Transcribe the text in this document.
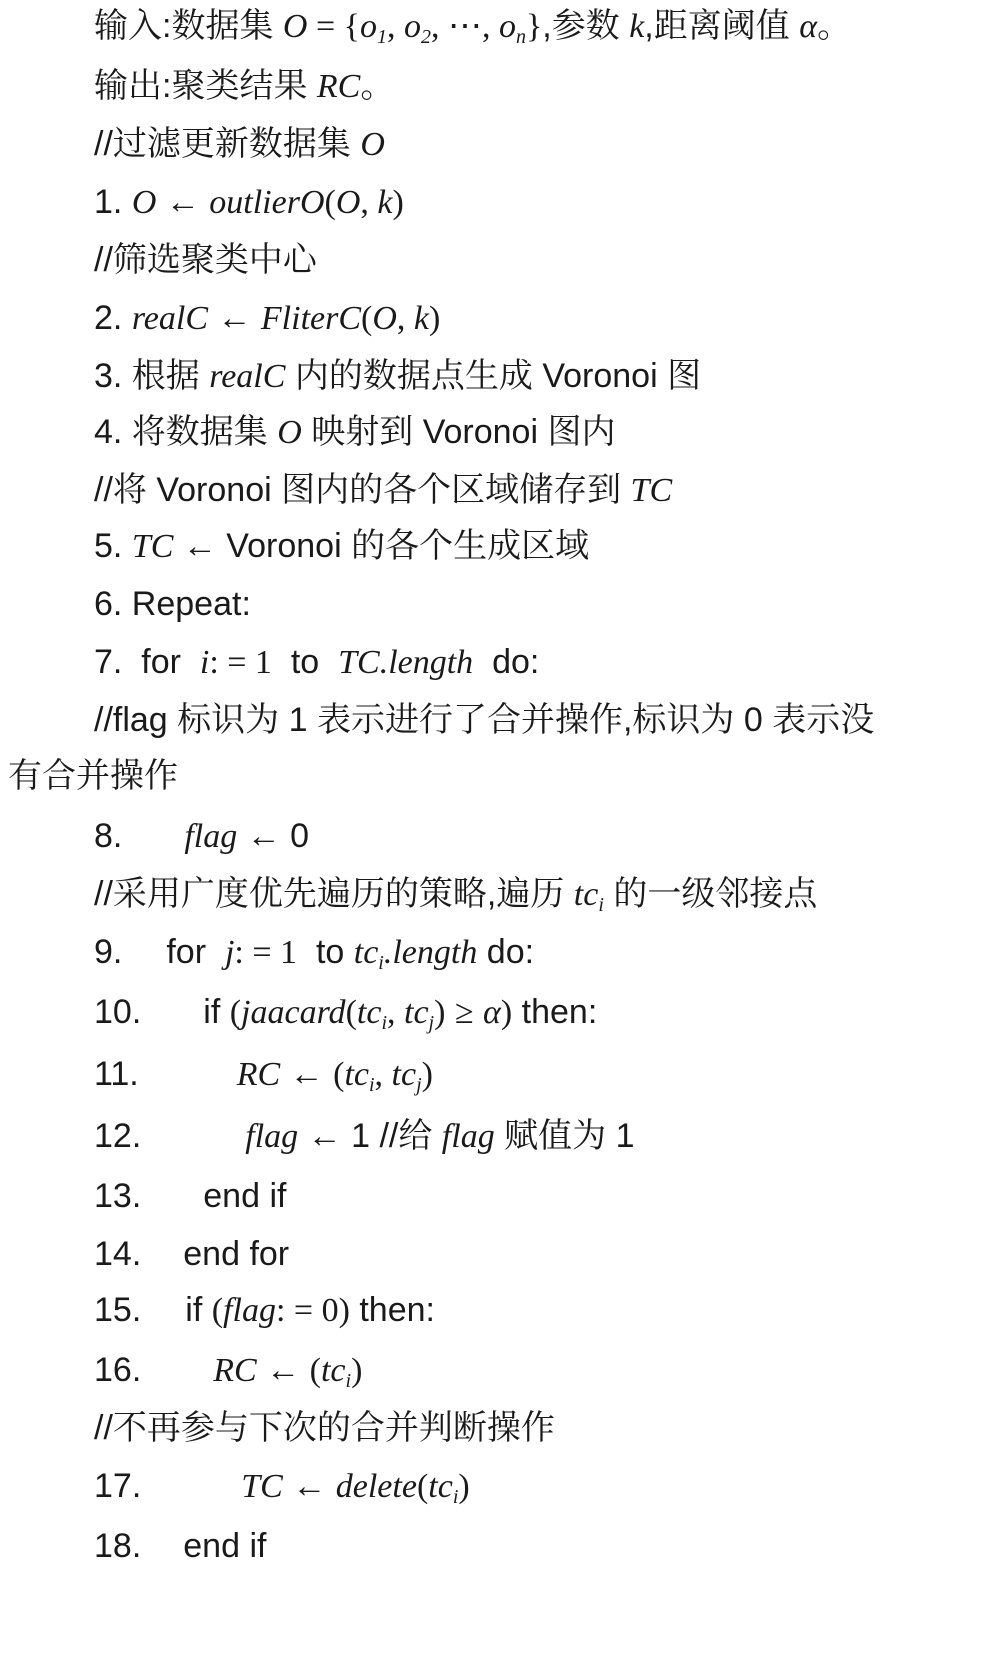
输入:数据集 $O = \{o_1$, $o_2$, ⋯, $o_n$},参数 k,距离阈值 α。
输出:聚类结果 RC。
//过滤更新数据集 O
1. O ← outlierO(O, k)
//筛选聚类中心
2. realC ← FliterC(O, k)
3. 根据 realC 内的数据点生成 Voronoi 图
4. 将数据集 O 映射到 Voronoi 图内
//将 Voronoi 图内的各个区域储存到 TC
5. TC ← Voronoi 的各个生成区域
6. Repeat:
7. for i: = 1 to TC.length do:
//flag 标识为 1 表示进行了合并操作,标识为 0 表示没
有合并操作
8. flag ← 0
//采用广度优先遍历的策略,遍历 $tc_i$ 的一级邻接点
9. for j: = 1 to $tc_i.length$ do:
10. if ($jaacard(tc_i$, $tc_j) \ge \alpha$) then:
11.	RC ← ($tc_i$, $tc_j$)
12.	flag ← 1 //给 flag 赋值为 1
13. end if
14. end for
15. if (flag: = 0) then:
16. RC ← $(tc_i)$
//不再参与下次的合并判断操作
17.	TC ← $delete(tc_i)$
18. end if
